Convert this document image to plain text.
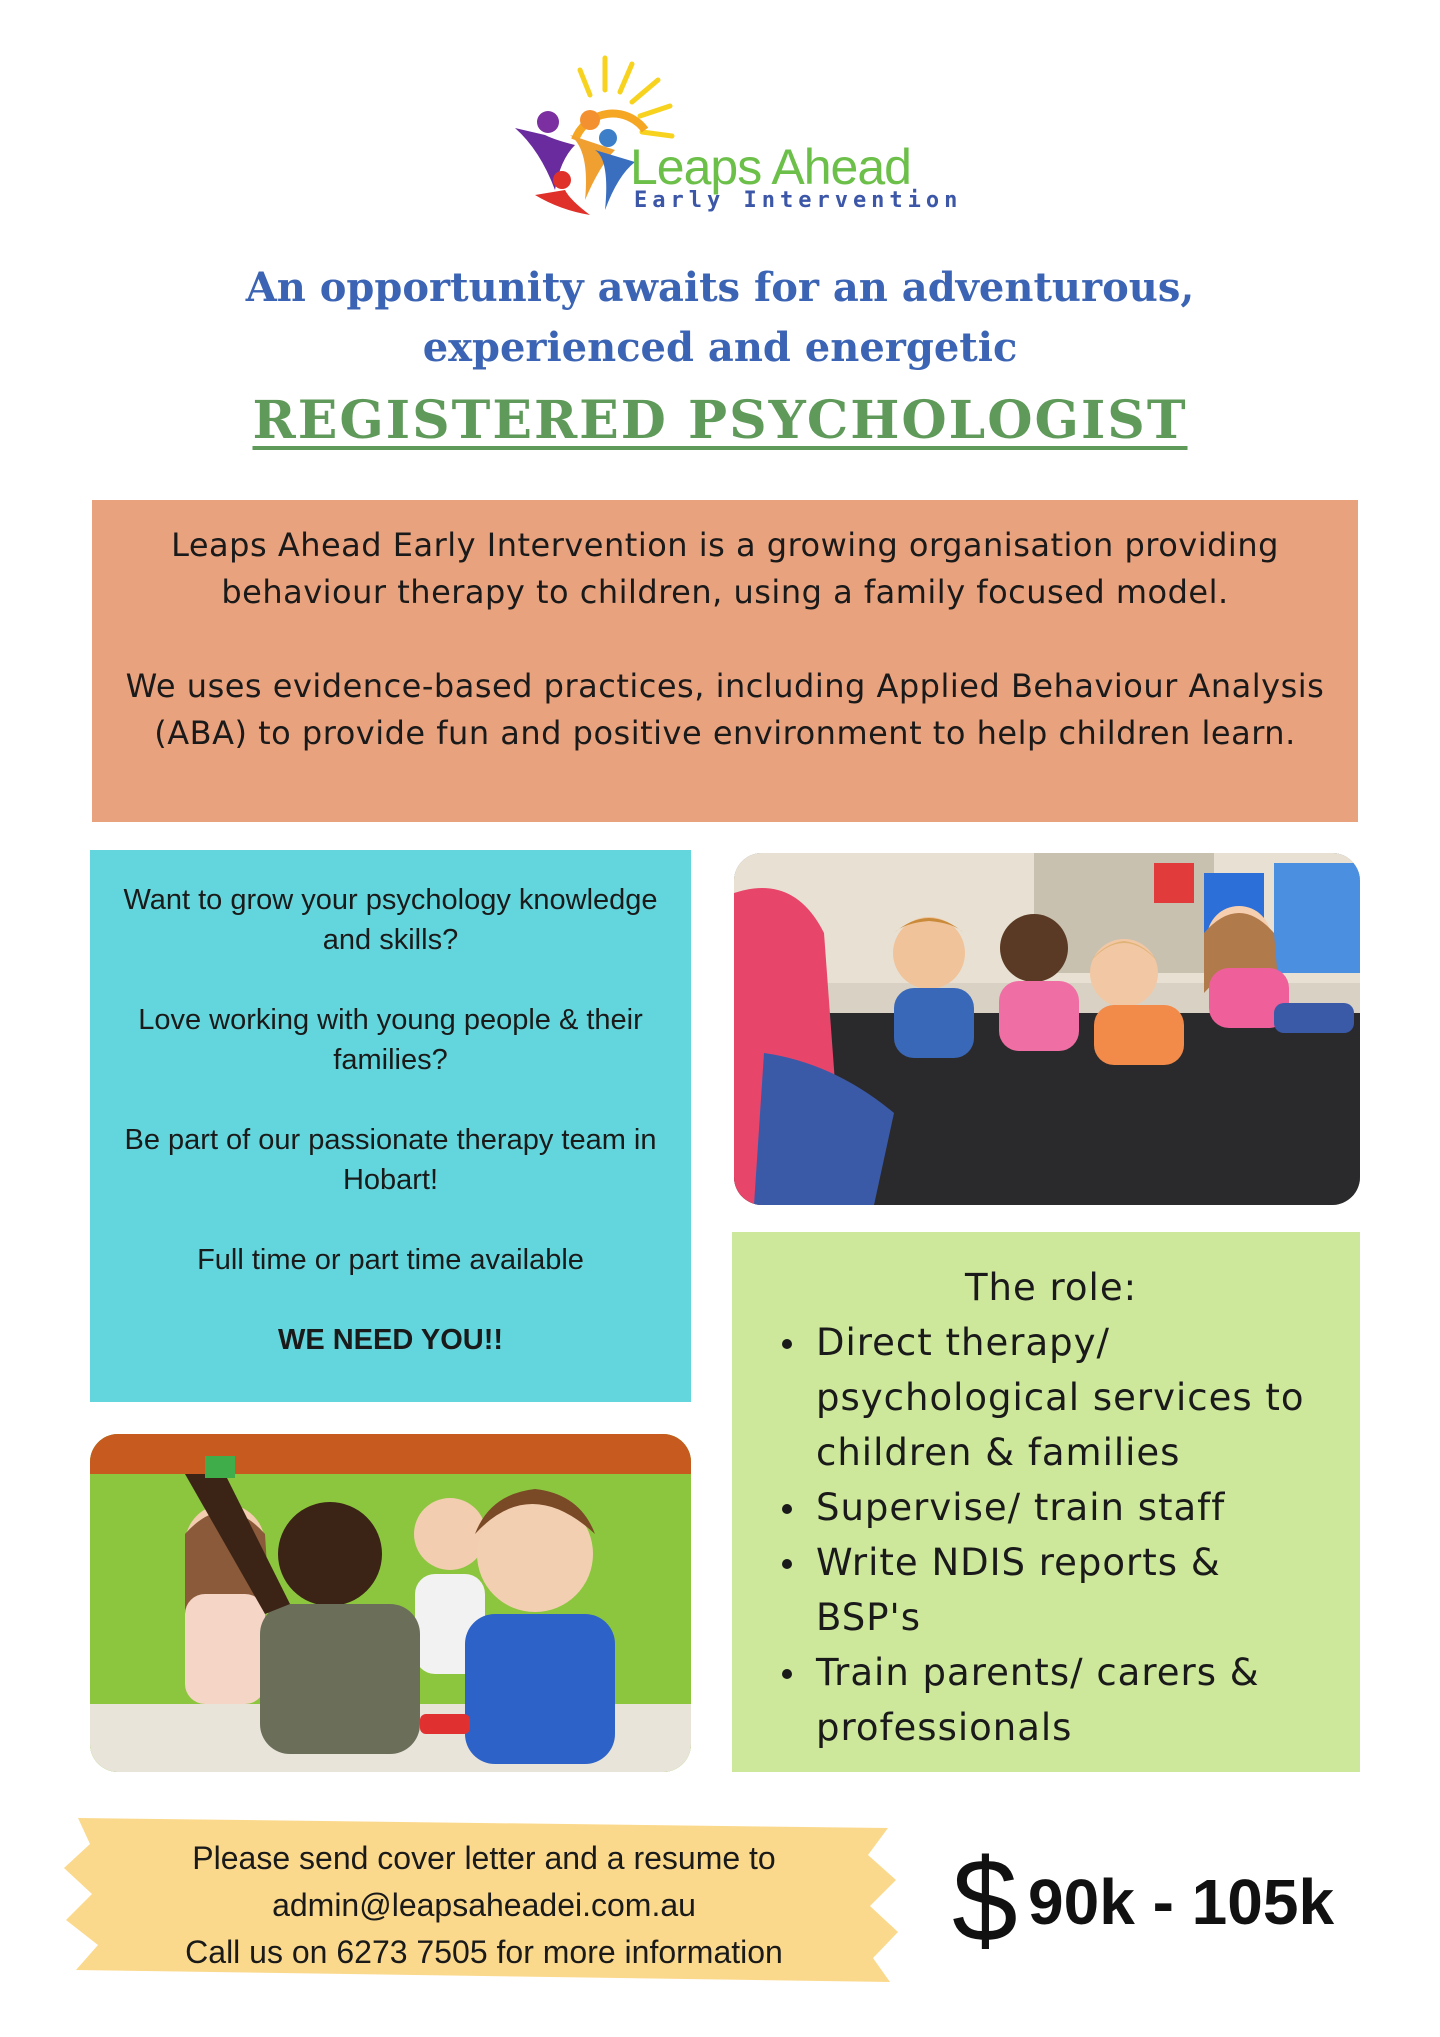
Leaps Ahead
Early Intervention
An opportunity awaits for an adventurous,
experienced and energetic
REGISTERED PSYCHOLOGIST

Leaps Ahead Early Intervention is a growing organisation providing behaviour therapy to children, using a family focused model.

We uses evidence-based practices, including Applied Behaviour Analysis (ABA) to provide fun and positive environment to help children learn.

Want to grow your psychology knowledge and skills?

Love working with young people & their families?

Be part of our passionate therapy team in Hobart!

Full time or part time available

WE NEED YOU!!

The role:
Direct therapy/ psychological services to children & families
Supervise/ train staff
Write NDIS reports & BSP's
Train parents/ carers & professionals
Please send cover letter and a resume to
admin@leapsaheadei.com.au
Call us on 6273 7505 for more information	$ 90k - 105k
